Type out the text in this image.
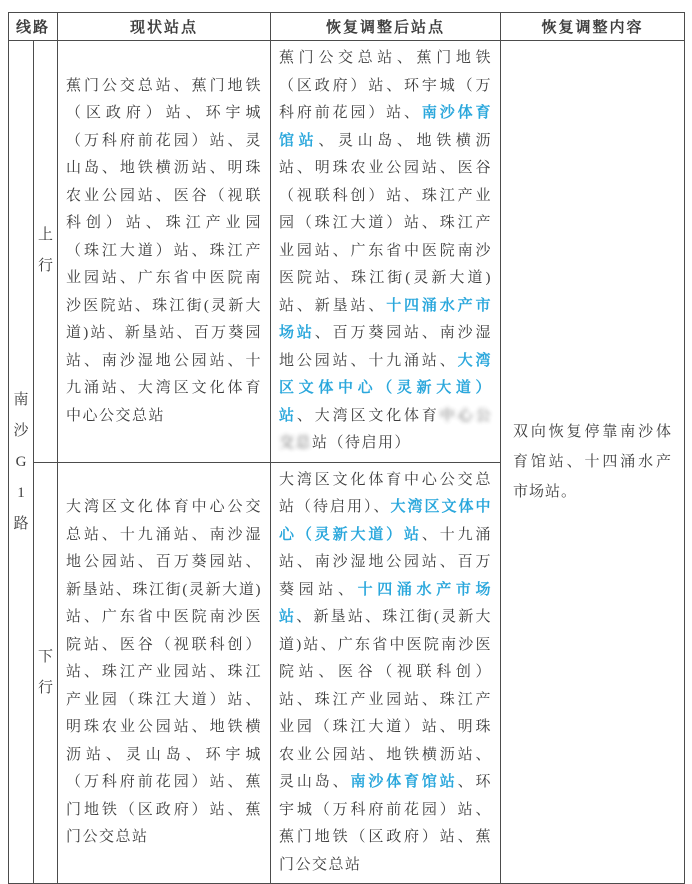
线路		现状站点	恢复调整后站点	恢复调整内容

南沙G1路	上行	蕉门公交总站、蕉门地铁（区政府）站、环宇城（万科府前花园）站、灵山岛、地铁横沥站、明珠农业公园站、医谷（视联科创）站、珠江产业园（珠江大道）站、珠江产业园站、广东省中医院南沙医院站、珠江街(灵新大道)站、新垦站、百万葵园站、南沙湿地公园站、十九涌站、大湾区文化体育中心公交总站	蕉门公交总站、蕉门地铁（区政府）站、环宇城（万科府前花园）站、南沙体育馆站、灵山岛、地铁横沥站、明珠农业公园站、医谷（视联科创）站、珠江产业园（珠江大道）站、珠江产业园站、广东省中医院南沙医院站、珠江街(灵新大道)站、新垦站、十四涌水产市场站、百万葵园站、南沙湿地公园站、十九涌站、大湾区文体中心（灵新大道）站、大湾区文化体育中心公交总站（待启用）	双向恢复停靠南沙体育馆站、十四涌水产市场站。

	下行	大湾区文化体育中心公交总站、十九涌站、南沙湿地公园站、百万葵园站、新垦站、珠江街(灵新大道)站、广东省中医院南沙医院站、医谷（视联科创）站、珠江产业园站、珠江产业园（珠江大道）站、明珠农业公园站、地铁横沥站、灵山岛、环宇城（万科府前花园）站、蕉门地铁（区政府）站、蕉门公交总站	大湾区文化体育中心公交总站（待启用）、大湾区文体中心（灵新大道）站、十九涌站、南沙湿地公园站、百万葵园站、十四涌水产市场站、新垦站、珠江街(灵新大道)站、广东省中医院南沙医院站、医谷（视联科创）站、珠江产业园站、珠江产业园（珠江大道）站、明珠农业公园站、地铁横沥站、灵山岛、南沙体育馆站、环宇城（万科府前花园）站、蕉门地铁（区政府）站、蕉门公交总站	
